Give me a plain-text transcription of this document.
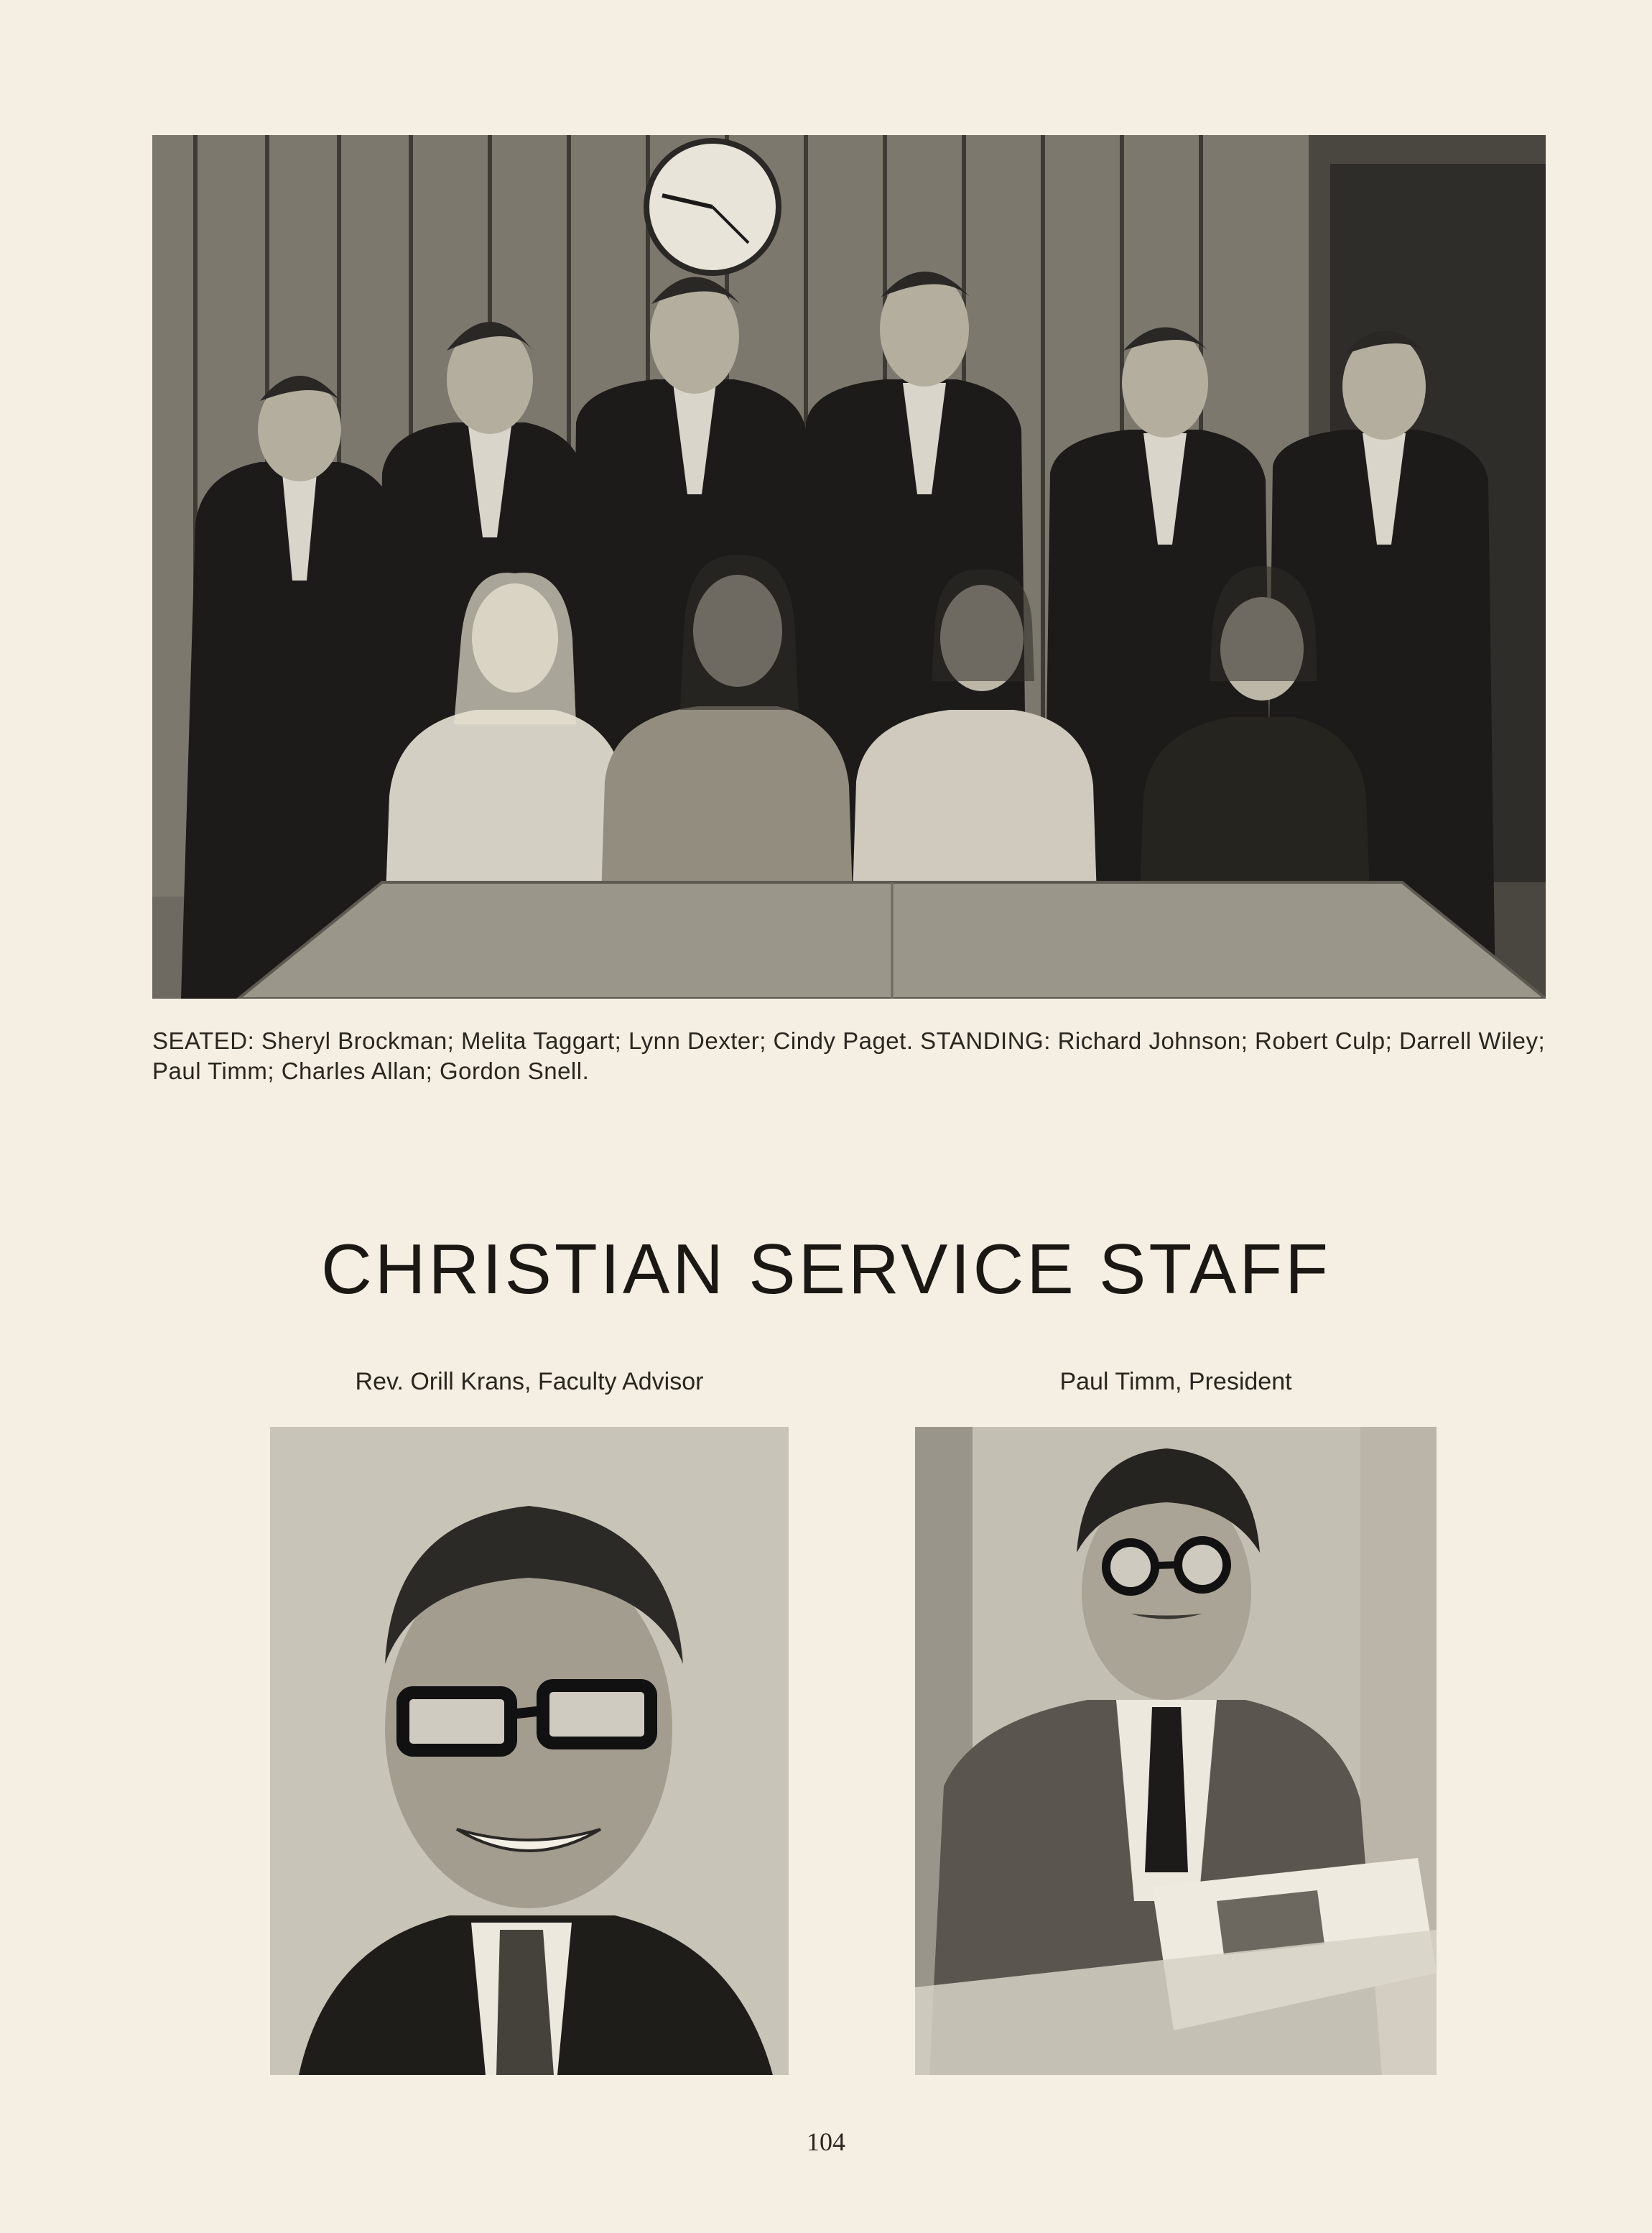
SEATED: Sheryl Brockman; Melita Taggart; Lynn Dexter; Cindy Paget. STANDING: Richard Johnson; Robert Culp; Darrell Wiley; Paul Timm; Charles Allan; Gordon Snell.
CHRISTIAN SERVICE STAFF
Rev. Orill Krans, Faculty Advisor	Paul Timm, President
104
